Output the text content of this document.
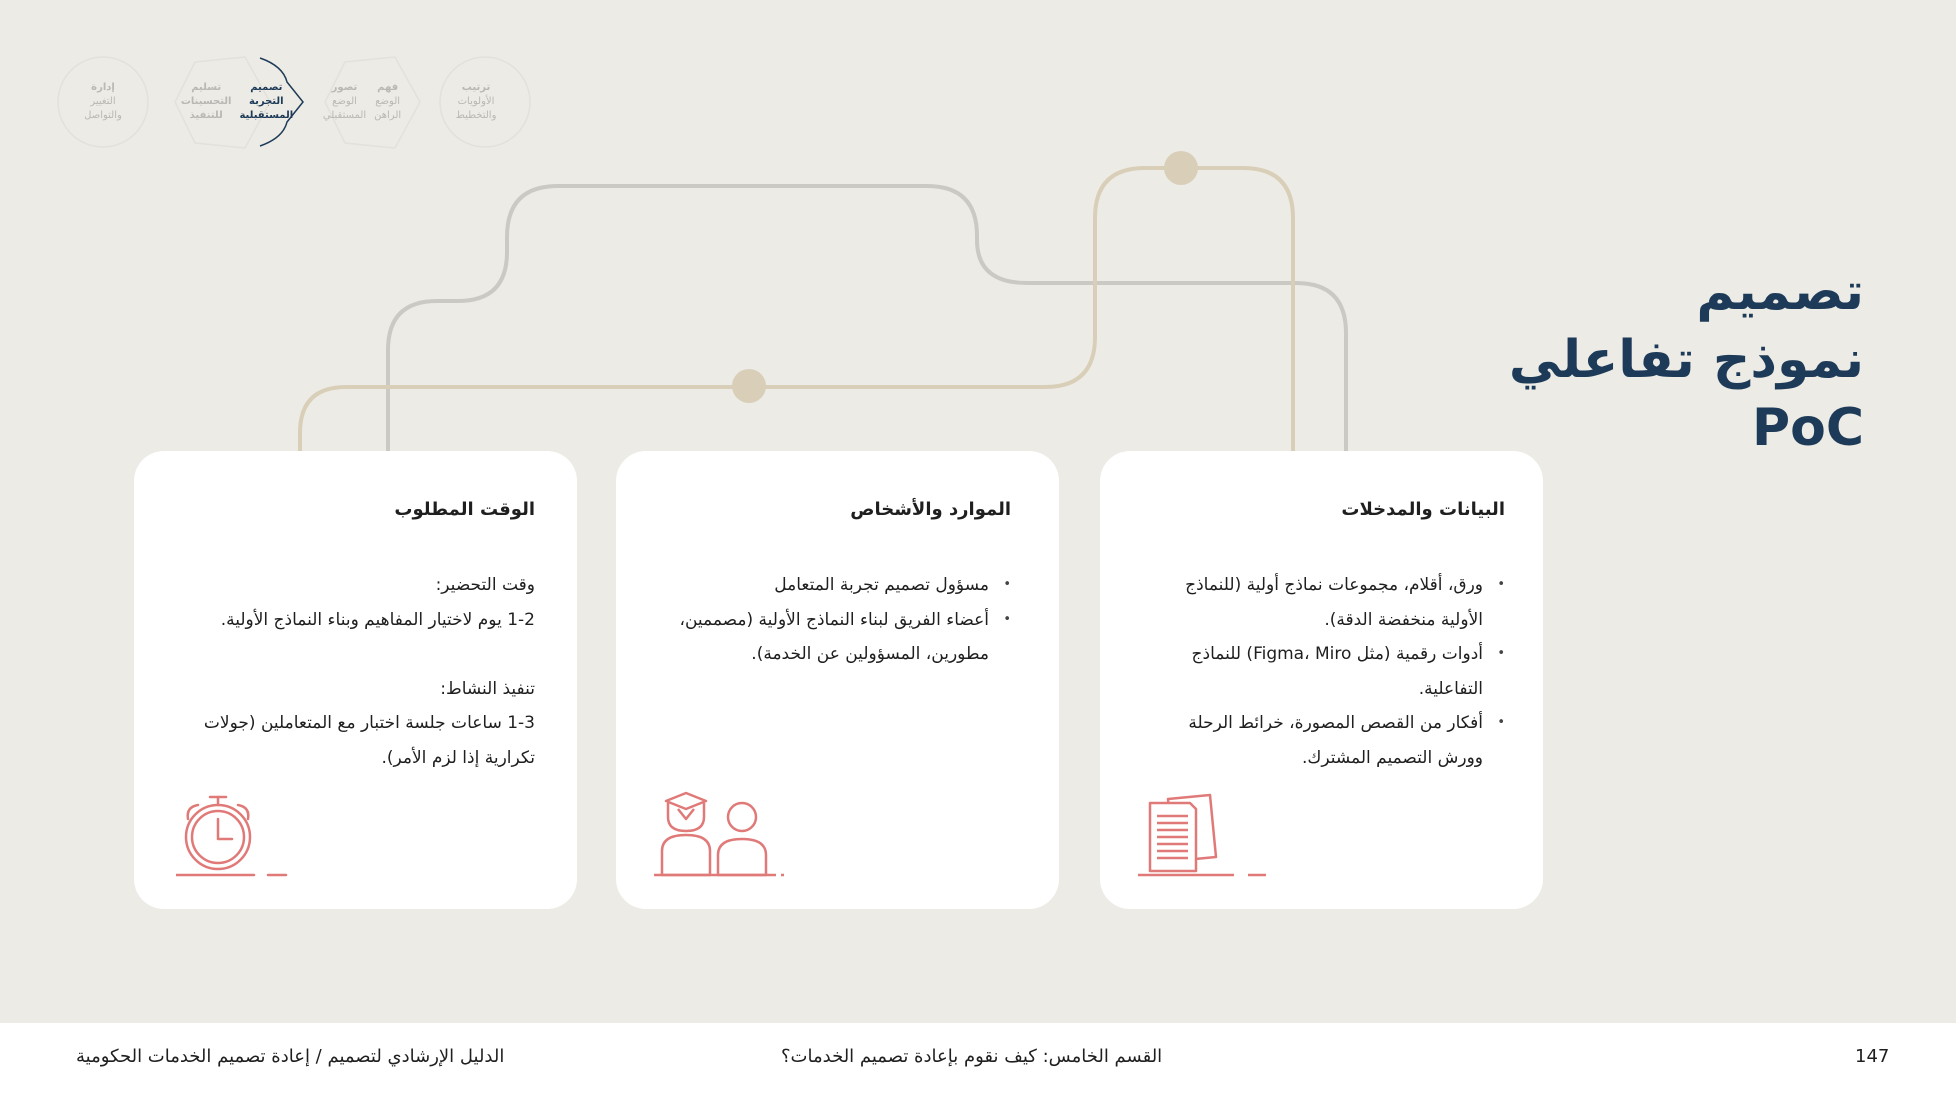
ترتيب
الأولويات
والتخطيط
فهم
الوضع
الراهن
تصور
الوضع
المستقبلي
تصميم
التجربة
المستقبلية
تسليم
التحسينات
للتنفيذ
إدارة
التغيير
والتواصل
تصميم
نموذج تفاعلي
PoC
البيانات والمدخلات
• ورق، أقلام، مجموعات نماذج أولية (للنماذج الأولية منخفضة الدقة).
• أدوات رقمية (مثل Figma، Miro) للنماذج التفاعلية.
• أفكار من القصص المصورة، خرائط الرحلة وورش التصميم المشترك.
الموارد والأشخاص
• مسؤول تصميم تجربة المتعامل
• أعضاء الفريق لبناء النماذج الأولية (مصممين، مطورين، المسؤولين عن الخدمة).
الوقت المطلوب

وقت التحضير:

1-2 يوم لاختيار المفاهيم وبناء النماذج الأولية.

تنفيذ النشاط:

1-3 ساعات جلسة اختبار مع المتعاملين (جولات تكرارية إذا لزم الأمر).

147
القسم الخامس: كيف نقوم بإعادة تصميم الخدمات؟
الدليل الإرشادي لتصميم / إعادة تصميم الخدمات الحكومية
